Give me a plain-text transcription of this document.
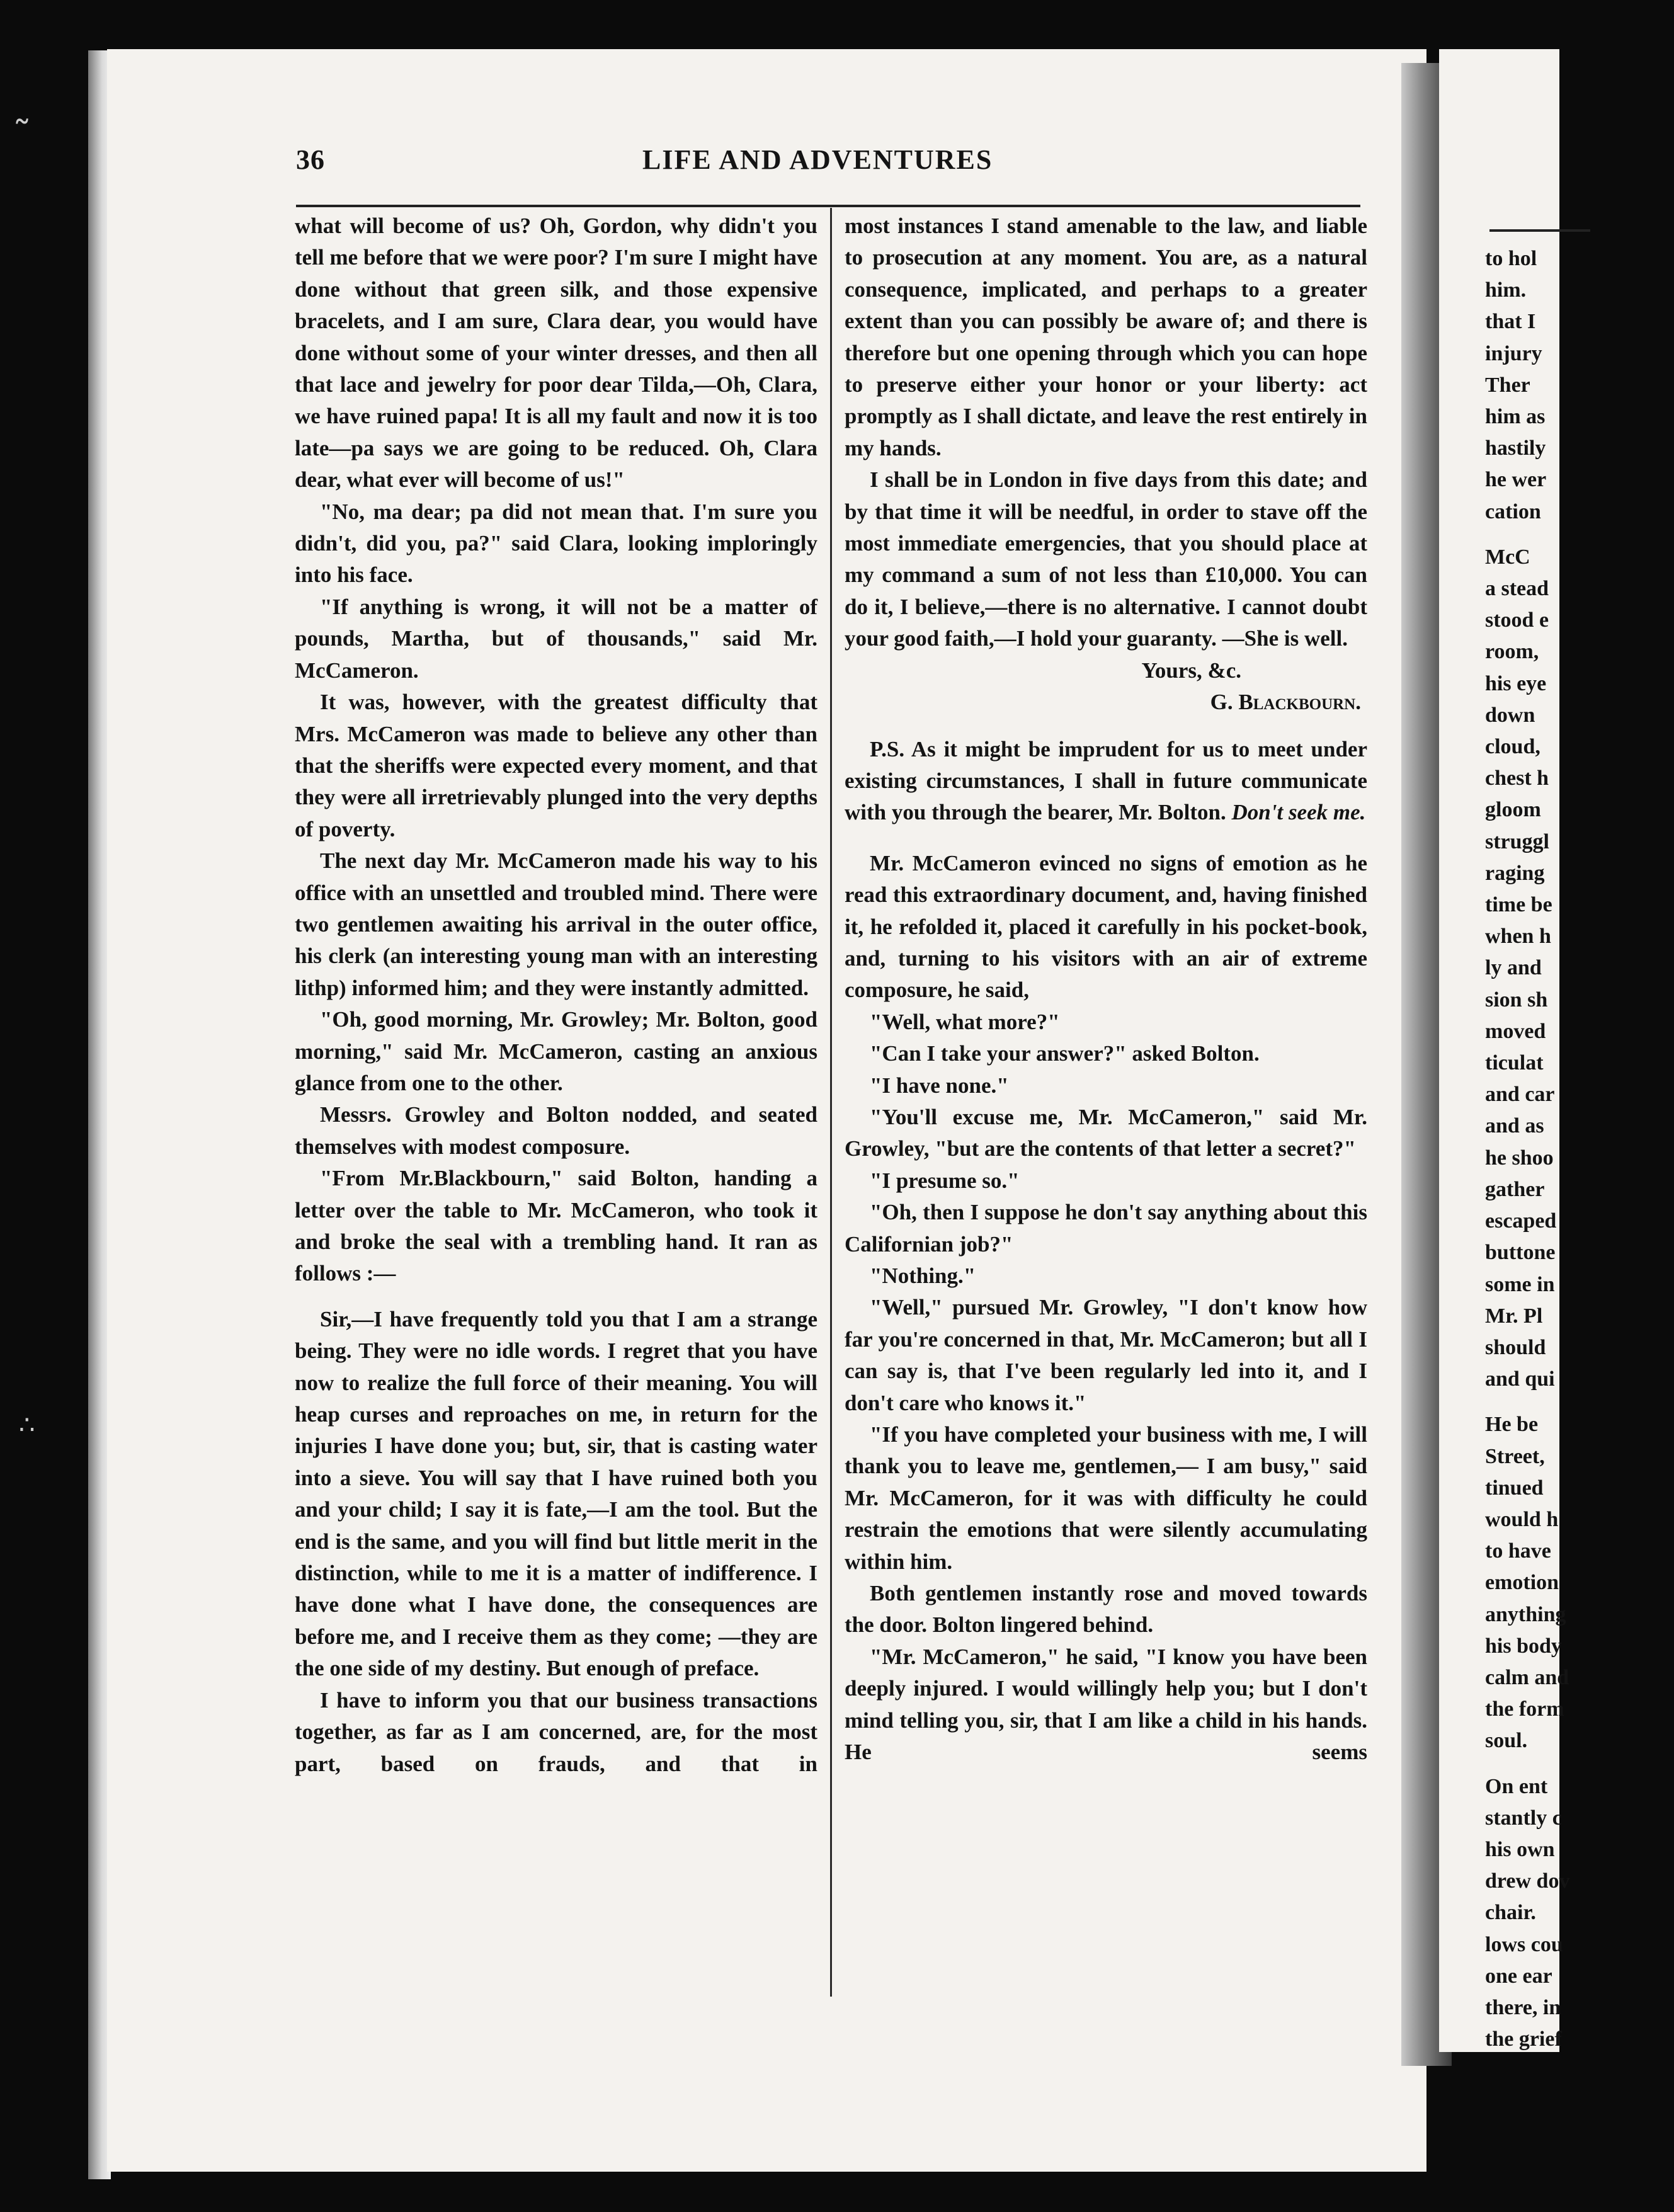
˜
∴
to hol
him.
that I
injury
Ther
him as
hastily
he wer
cation
McC
a stead
stood e
room,
his eye
down
cloud,
chest h
gloom
struggl
raging
time be
when h
ly and
sion sh
moved
ticulat
and car
and as
he shoo
gather
escaped
buttone
some in
Mr. Pl
should
and qui
He be
Street,
tinued
would h
to have
emotion
anything
his body
calm and
the form
soul.
On ent
stantly c
his own
drew dov
chair.
lows cou
one ear
there, in
the grief
36	LIFE AND ADVENTURES

what will become of us? Oh, Gordon, why didn't you tell me before that we were poor? I'm sure I might have done without that green silk, and those expensive bracelets, and I am sure, Clara dear, you would have done without some of your winter dresses, and then all that lace and jewelry for poor dear Tilda,—Oh, Clara, we have ruined papa! It is all my fault and now it is too late—pa says we are going to be reduced. Oh, Clara dear, what ever will become of us!"

"No, ma dear; pa did not mean that. I'm sure you didn't, did you, pa?" said Clara, looking imploringly into his face.

"If anything is wrong, it will not be a matter of pounds, Martha, but of thousands," said Mr. McCameron.

It was, however, with the greatest difficulty that Mrs. McCameron was made to believe any other than that the sheriffs were expected every moment, and that they were all irretrievably plunged into the very depths of poverty.

The next day Mr. McCameron made his way to his office with an unsettled and troubled mind. There were two gentlemen awaiting his arrival in the outer office, his clerk (an interesting young man with an interesting lithp) informed him; and they were instantly admitted.

"Oh, good morning, Mr. Growley; Mr. Bolton, good morning," said Mr. McCameron, casting an anxious glance from one to the other.

Messrs. Growley and Bolton nodded, and seated themselves with modest composure.

"From Mr.Blackbourn," said Bolton, handing a letter over the table to Mr. McCameron, who took it and broke the seal with a trembling hand. It ran as follows :—

Sir,—I have frequently told you that I am a strange being. They were no idle words. I regret that you have now to realize the full force of their meaning. You will heap curses and reproaches on me, in return for the injuries I have done you; but, sir, that is casting water into a sieve. You will say that I have ruined both you and your child; I say it is fate,—I am the tool. But the end is the same, and you will find but little merit in the distinction, while to me it is a matter of indifference. I have done what I have done, the consequences are before me, and I receive them as they come; —they are the one side of my destiny. But enough of preface.

I have to inform you that our business transactions together, as far as I am concerned, are, for the most part, based on frauds, and that in

most instances I stand amenable to the law, and liable to prosecution at any moment. You are, as a natural consequence, implicated, and perhaps to a greater extent than you can possibly be aware of; and there is therefore but one opening through which you can hope to preserve either your honor or your liberty: act promptly as I shall dictate, and leave the rest entirely in my hands.

I shall be in London in five days from this date; and by that time it will be needful, in order to stave off the most immediate emergencies, that you should place at my command a sum of not less than £10,000. You can do it, I believe,—there is no alternative. I cannot doubt your good faith,—I hold your guaranty. —She is well.

Yours, &c.

G. Blackbourn.

P.S. As it might be imprudent for us to meet under existing circumstances, I shall in future communicate with you through the bearer, Mr. Bolton. Don't seek me.

Mr. McCameron evinced no signs of emotion as he read this extraordinary document, and, having finished it, he refolded it, placed it carefully in his pocket-book, and, turning to his visitors with an air of extreme composure, he said,

"Well, what more?"

"Can I take your answer?" asked Bolton.

"I have none."

"You'll excuse me, Mr. McCameron," said Mr. Growley, "but are the contents of that letter a secret?"

"I presume so."

"Oh, then I suppose he don't say anything about this Californian job?"

"Nothing."

"Well," pursued Mr. Growley, "I don't know how far you're concerned in that, Mr. McCameron; but all I can say is, that I've been regularly led into it, and I don't care who knows it."

"If you have completed your business with me, I will thank you to leave me, gentlemen,— I am busy," said Mr. McCameron, for it was with difficulty he could restrain the emotions that were silently accumulating within him.

Both gentlemen instantly rose and moved towards the door. Bolton lingered behind.

"Mr. McCameron," he said, "I know you have been deeply injured. I would willingly help you; but I don't mind telling you, sir, that I am like a child in his hands. He seems
